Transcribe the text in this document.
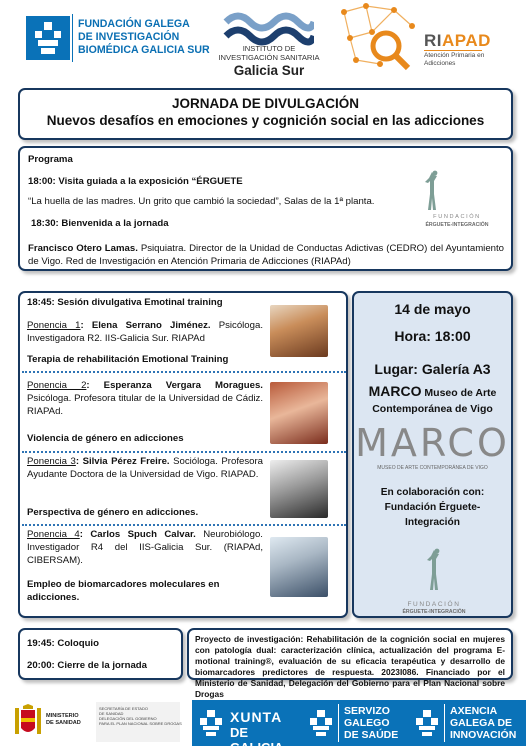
FUNDACIÓN GALEGA
DE INVESTIGACIÓN
BIOMÉDICA GALICIA SUR	INSTITUTO DE
INVESTIGACIÓN SANITARIA
Galicia Sur
RIAPAD
Atención Primaria en
Adicciones
JORNADA DE DIVULGACIÓN
Nuevos desafíos en emociones y cognición social en las adicciones
Programa
18:00: Visita guiada a la exposición “ÉRGUETE
“La huella de las madres. Un grito que cambió la sociedad”, Salas de la 1ª planta.
18:30: Bienvenida a la jornada
Francisco Otero Lamas. Psiquiatra. Director de la Unidad de Conductas Adictivas (CEDRO) del Ayuntamiento de Vigo. Red de Investigación en Atención Primaria de Adicciones (RIAPAd)
FUNDACIÓN
ÉRGUETE-INTEGRACIÓN
18:45: Sesión divulgativa Emotinal training
Ponencia 1: Elena Serrano Jiménez. Psicóloga. Investigadora R2. IIS-Galicia Sur. RIAPAd
Terapia de rehabilitación Emotional Training
Ponencia 2: Esperanza Vergara Moragues. Psicóloga. Profesora titular de la Universidad de Cádiz. RIAPAd.
Violencia de género en adicciones
Ponencia 3: Silvia Pérez Freire. Socióloga. Profesora Ayudante Doctora de la Universidad de Vigo. RIAPAD.
Perspectiva de género en adicciones.
Ponencia 4: Carlos Spuch Calvar. Neurobiólogo. Investigador R4 del IIS-Galicia Sur. (RIAPAd, CIBERSAM).
Empleo de biomarcadores moleculares en adicciones.
14 de mayo
Hora: 18:00
Lugar: Galería A3
MARCO Museo de Arte
Contemporánea de Vigo
MARCO
MUSEO DE ARTE CONTEMPORÁNEA DE VIGO
En colaboración con:
Fundación Érguete-
Integración
FUNDACIÓN
ÉRGUETE-INTEGRACIÓN
19:45: Coloquio
20:00: Cierre de la jornada
Proyecto de investigación: Rehabilitación de la cognición social en mujeres con patología dual: caracterización clínica, actualización del programa E-motional training®, evaluación de su eficacia terapéutica y desarrollo de biomarcadores predictores de respuesta. 2023I086. Financiado por el Ministerio de Sanidad, Delegación del Gobierno para el Plan Nacional sobre Drogas
MINISTERIO
DE SANIDAD
SECRETARÍA DE ESTADO
DE SANIDAD
DELEGACIÓN DEL GOBIERNO
PARA EL PLAN NACIONAL SOBRE DROGAS	XUNTA
DE GALICIA
SERVIZO
GALEGO
DE SAÚDE
AXENCIA
GALEGA DE
INNOVACIÓN
